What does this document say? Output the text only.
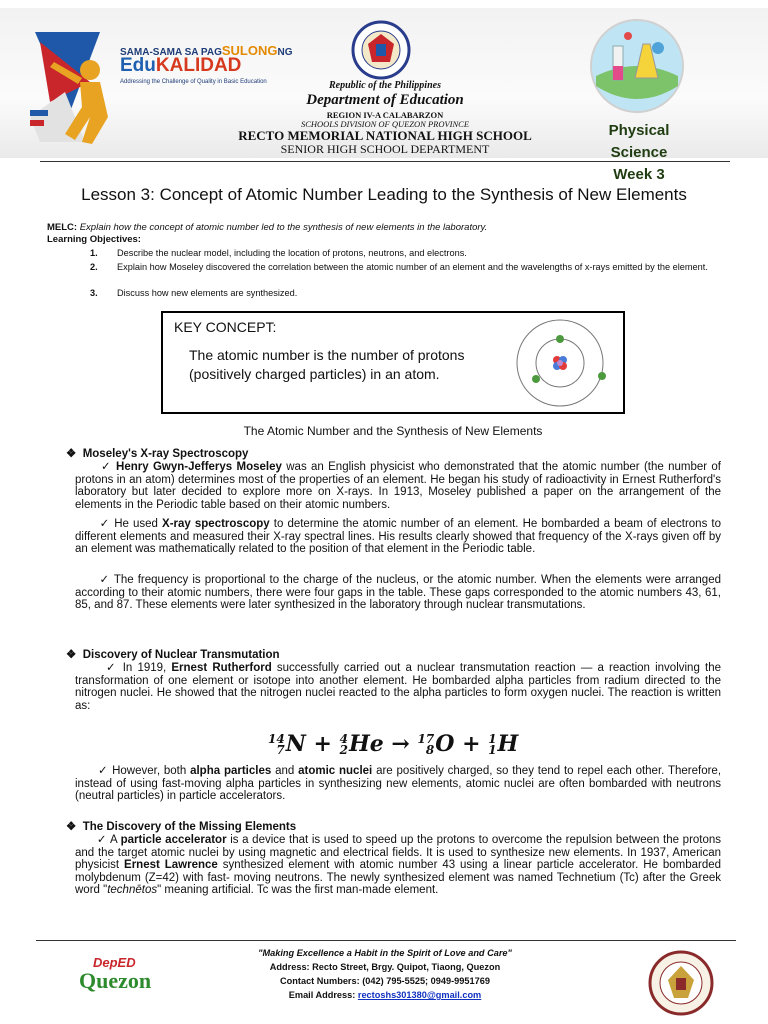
SAMA-SAMA SA PAGSULONGNG
EduKALIDAD
Addressing the Challenge of Quality in Basic Education	Republic of the Philippines
Department of Education
REGION IV-A CALABARZON
SCHOOLS DIVISION OF QUEZON PROVINCE
RECTO MEMORIAL NATIONAL HIGH SCHOOL
SENIOR HIGH SCHOOL DEPARTMENT
Physical Science
Week 3
Lesson 3: Concept of Atomic Number Leading to the Synthesis of New Elements
MELC: Explain how the concept of atomic number led to the synthesis of new elements in the laboratory.
Learning Objectives:
1.	Describe the nuclear model, including the location of protons, neutrons, and electrons.
2.	Explain how Moseley discovered the correlation between the atomic number of an element and the wavelengths of x-rays emitted by the element.
3.	Discuss how new elements are synthesized.
KEY CONCEPT:
The atomic number is the number of protons (positively charged particles) in an atom.
The Atomic Number and the Synthesis of New Elements
❖ Moseley's X-ray Spectroscopy
✓ Henry Gwyn-Jefferys Moseley was an English physicist who demonstrated that the atomic number (the number of protons in an atom) determines most of the properties of an element. He began his study of radioactivity in Ernest Rutherford's laboratory but later decided to explore more on X-rays. In 1913, Moseley published a paper on the arrangement of the elements in the Periodic table based on their atomic numbers.
✓ He used X-ray spectroscopy to determine the atomic number of an element. He bombarded a beam of electrons to different elements and measured their X-ray spectral lines. His results clearly showed that frequency of the X-rays given off by an element was mathematically related to the position of that element in the Periodic table.
✓ The frequency is proportional to the charge of the nucleus, or the atomic number. When the elements were arranged according to their atomic numbers, there were four gaps in the table. These gaps corresponded to the atomic numbers 43, 61, 85, and 87. These elements were later synthesized in the laboratory through nuclear transmutations.
❖ Discovery of Nuclear Transmutation
✓ In 1919, Ernest Rutherford successfully carried out a nuclear transmutation reaction — a reaction involving the transformation of one element or isotope into another element. He bombarded alpha particles from radium directed to the nitrogen nuclei. He showed that the nitrogen nuclei reacted to the alpha particles to form oxygen nuclei. The reaction is written as:
14
7 N + 4
2 He → 17
8 O + 1
1 H
✓ However, both alpha particles and atomic nuclei are positively charged, so they tend to repel each other. Therefore, instead of using fast-moving alpha particles in synthesizing new elements, atomic nuclei are often bombarded with neutrons (neutral particles) in particle accelerators.
❖ The Discovery of the Missing Elements
✓ A particle accelerator is a device that is used to speed up the protons to overcome the repulsion between the protons and the target atomic nuclei by using magnetic and electrical fields. It is used to synthesize new elements. In 1937, American physicist Ernest Lawrence synthesized element with atomic number 43 using a linear particle accelerator. He bombarded molybdenum (Z=42) with fast- moving neutrons. The newly synthesized element was named Technetium (Tc) after the Greek word "technētos" meaning artificial. Tc was the first man-made element.
DepED
Quezon
"Making Excellence a Habit in the Spirit of Love and Care"
Address: Recto Street, Brgy. Quipot, Tiaong, Quezon
Contact Numbers: (042) 795-5525; 0949-9951769
Email Address: rectoshs301380@gmail.com
